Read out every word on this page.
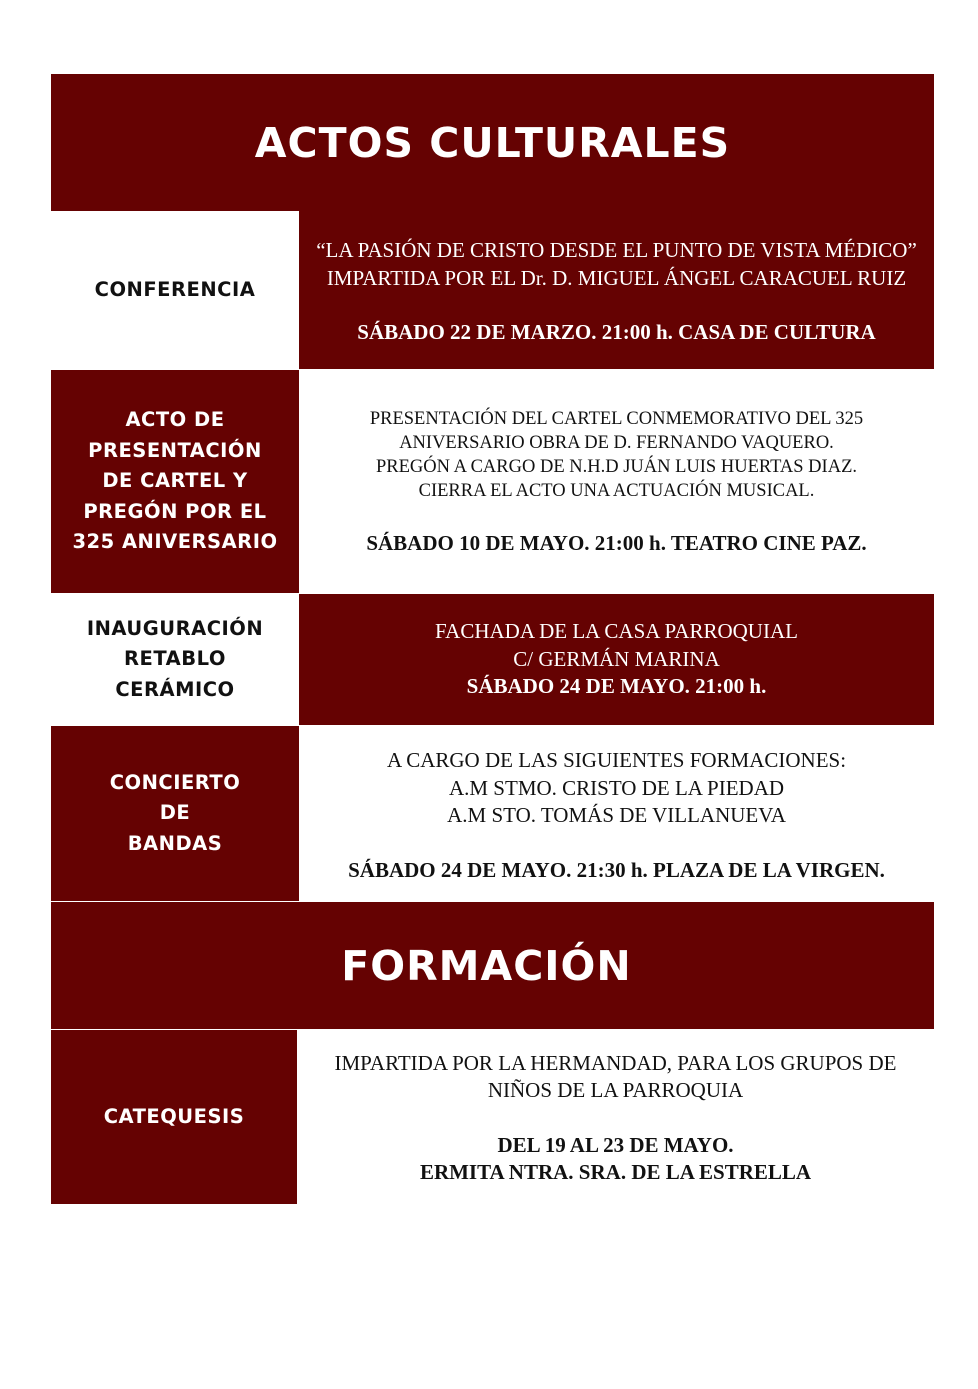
ACTOS CULTURALES
CONFERENCIA
“LA PASIÓN DE CRISTO DESDE EL PUNTO DE VISTA MÉDICO”
IMPARTIDA POR EL Dr. D. MIGUEL ÁNGEL CARACUEL RUIZ
SÁBADO 22 DE MARZO. 21:00 h. CASA DE CULTURA
ACTO DE
PRESENTACIÓN
DE CARTEL Y
PREGÓN POR EL
325 ANIVERSARIO
PRESENTACIÓN DEL CARTEL CONMEMORATIVO DEL 325
ANIVERSARIO OBRA DE D. FERNANDO VAQUERO.
PREGÓN A CARGO DE N.H.D JUÁN LUIS HUERTAS DIAZ.
CIERRA EL ACTO UNA ACTUACIÓN MUSICAL.
SÁBADO 10 DE MAYO. 21:00 h. TEATRO CINE PAZ.
INAUGURACIÓN
RETABLO
CERÁMICO
FACHADA DE LA CASA PARROQUIAL
C/ GERMÁN MARINA
SÁBADO 24 DE MAYO. 21:00 h.
CONCIERTO
DE
BANDAS
A CARGO DE LAS SIGUIENTES FORMACIONES:
A.M STMO. CRISTO DE LA PIEDAD
A.M STO. TOMÁS DE VILLANUEVA
SÁBADO 24 DE MAYO. 21:30 h. PLAZA DE LA VIRGEN.
FORMACIÓN
CATEQUESIS
IMPARTIDA POR LA HERMANDAD, PARA LOS GRUPOS DE
NIÑOS DE LA PARROQUIA
DEL 19 AL 23 DE MAYO.
ERMITA NTRA. SRA. DE LA ESTRELLA
